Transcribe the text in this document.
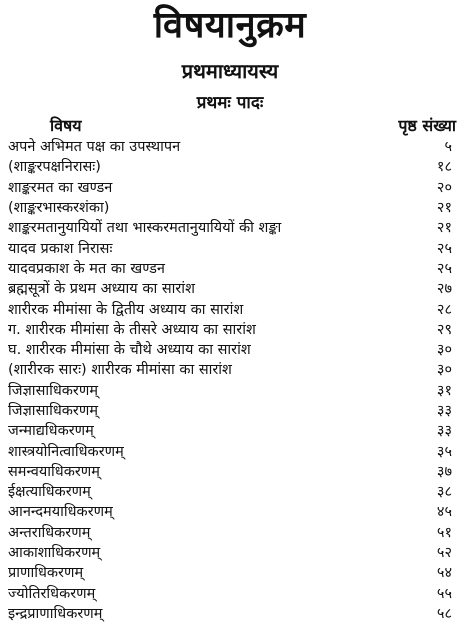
विषयानुक्रम
प्रथमाध्यायस्य
प्रथमः पादः
विषय	पृष्ठ संख्या
अपने अभिमत पक्ष का उपस्थापन	५
(शाङ्करपक्षनिरासः)	१८
शाङ्करमत का खण्डन	२०
(शाङ्करभास्करशंका)	२१
शाङ्करमतानुयायियों तथा भास्करमतानुयायियों की शङ्का	२१
यादव प्रकाश निरासः	२५
यादवप्रकाश के मत का खण्डन	२५
ब्रह्मसूत्रों के प्रथम अध्याय का सारांश	२७
शारीरक मीमांसा के द्वितीय अध्याय का सारांश	२८
ग. शारीरक मीमांसा के तीसरे अध्याय का सारांश	२९
घ. शारीरक मीमांसा के चौथे अध्याय का सारांश	३०
(शारीरक सारः) शारीरक मीमांसा का सारांश	३०
जिज्ञासाधिकरणम्	३१
जिज्ञासाधिकरणम्	३३
जन्माद्यधिकरणम्	३३
शास्त्रयोनित्वाधिकरणम्	३५
समन्वयाधिकरणम्	३७
ईक्षत्याधिकरणम्	३८
आनन्दमयाधिकरणम्	४५
अन्तराधिकरणम्	५१
आकाशाधिकरणम्	५२
प्राणाधिकरणम्	५४
ज्योतिरधिकरणम्	५५
इन्द्रप्राणाधिकरणम्	५८
